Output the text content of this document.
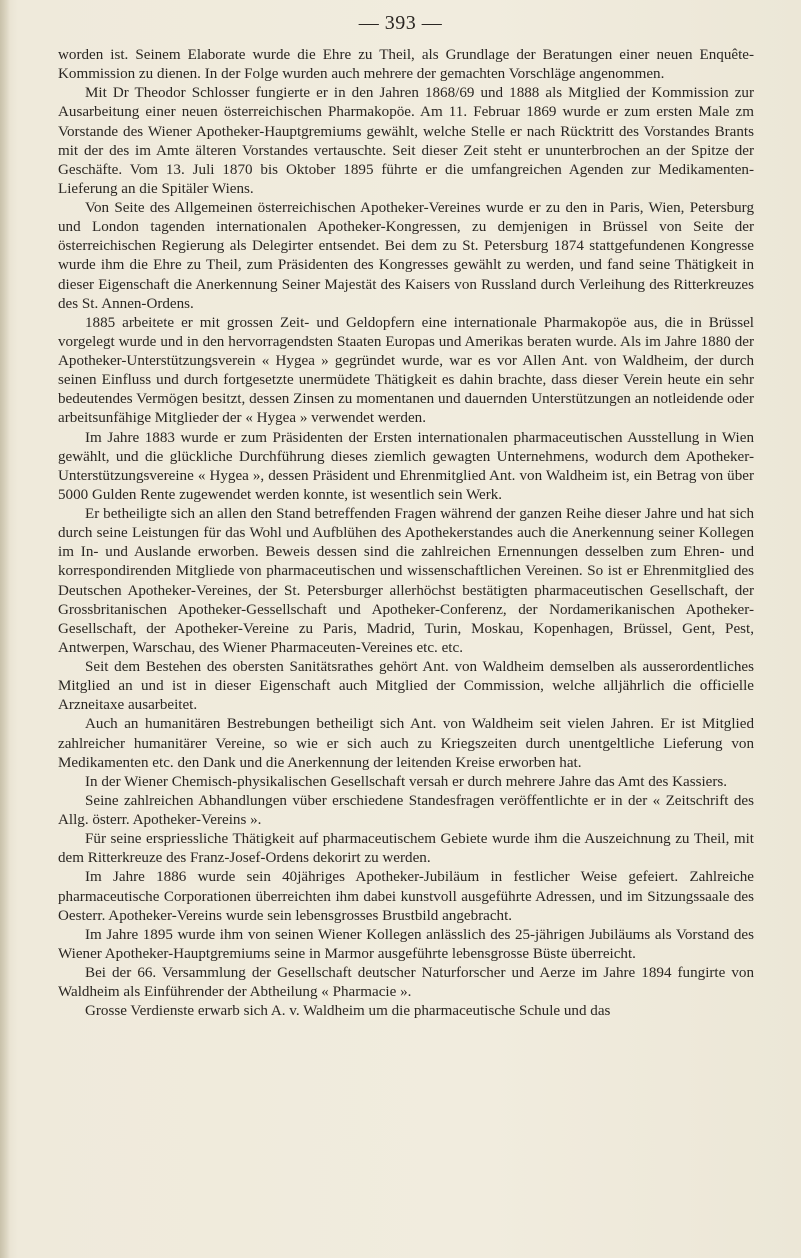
— 393 —

worden ist. Seinem Elaborate wurde die Ehre zu Theil, als Grundlage der Beratungen einer neuen Enquête-Kommission zu dienen. In der Folge wurden auch mehrere der gemachten Vorschläge angenommen.

Mit Dr Theodor Schlosser fungierte er in den Jahren 1868/69 und 1888 als Mitglied der Kommission zur Ausarbeitung einer neuen österreichischen Pharmakopöe. Am 11. Februar 1869 wurde er zum ersten Male zm Vorstande des Wiener Apotheker-Hauptgremiums gewählt, welche Stelle er nach Rücktritt des Vorstandes Brants mit der des im Amte älteren Vorstandes vertauschte. Seit dieser Zeit steht er ununterbrochen an der Spitze der Geschäfte. Vom 13. Juli 1870 bis Oktober 1895 führte er die umfangreichen Agenden zur Medikamenten-Lieferung an die Spitäler Wiens.

Von Seite des Allgemeinen österreichischen Apotheker-Vereines wurde er zu den in Paris, Wien, Petersburg und London tagenden internationalen Apotheker-Kongressen, zu demjenigen in Brüssel von Seite der österreichischen Regierung als Delegirter entsendet. Bei dem zu St. Petersburg 1874 stattgefundenen Kongresse wurde ihm die Ehre zu Theil, zum Präsidenten des Kongresses gewählt zu werden, und fand seine Thätigkeit in dieser Eigenschaft die Anerkennung Seiner Majestät des Kaisers von Russland durch Verleihung des Ritterkreuzes des St. Annen-Ordens.

1885 arbeitete er mit grossen Zeit- und Geldopfern eine internationale Pharmakopöe aus, die in Brüssel vorgelegt wurde und in den hervorragendsten Staaten Europas und Amerikas beraten wurde. Als im Jahre 1880 der Apotheker-Unterstützungsverein « Hygea » gegründet wurde, war es vor Allen Ant. von Waldheim, der durch seinen Einfluss und durch fortgesetzte unermüdete Thätigkeit es dahin brachte, dass dieser Verein heute ein sehr bedeutendes Vermögen besitzt, dessen Zinsen zu momentanen und dauernden Unterstützungen an notleidende oder arbeitsunfähige Mitglieder der « Hygea » verwendet werden.

Im Jahre 1883 wurde er zum Präsidenten der Ersten internationalen pharmaceutischen Ausstellung in Wien gewählt, und die glückliche Durchführung dieses ziemlich gewagten Unternehmens, wodurch dem Apotheker-Unterstützungsvereine « Hygea », dessen Präsident und Ehrenmitglied Ant. von Waldheim ist, ein Betrag von über 5000 Gulden Rente zugewendet werden konnte, ist wesentlich sein Werk.

Er betheiligte sich an allen den Stand betreffenden Fragen während der ganzen Reihe dieser Jahre und hat sich durch seine Leistungen für das Wohl und Aufblühen des Apothekerstandes auch die Anerkennung seiner Kollegen im In- und Auslande erworben. Beweis dessen sind die zahlreichen Ernennungen desselben zum Ehren- und korrespondirenden Mitgliede von pharmaceutischen und wissenschaftlichen Vereinen. So ist er Ehrenmitglied des Deutschen Apotheker-Vereines, der St. Petersburger allerhöchst bestätigten pharmaceutischen Gesellschaft, der Grossbritanischen Apotheker-Gessellschaft und Apotheker-Conferenz, der Nordamerikanischen Apotheker-Gesellschaft, der Apotheker-Vereine zu Paris, Madrid, Turin, Moskau, Kopenhagen, Brüssel, Gent, Pest, Antwerpen, Warschau, des Wiener Pharmaceuten-Vereines etc. etc.

Seit dem Bestehen des obersten Sanitätsrathes gehört Ant. von Waldheim demselben als ausserordentliches Mitglied an und ist in dieser Eigenschaft auch Mitglied der Commission, welche alljährlich die officielle Arzneitaxe ausarbeitet.

Auch an humanitären Bestrebungen betheiligt sich Ant. von Waldheim seit vielen Jahren. Er ist Mitglied zahlreicher humanitärer Vereine, so wie er sich auch zu Kriegszeiten durch unentgeltliche Lieferung von Medikamenten etc. den Dank und die Anerkennung der leitenden Kreise erworben hat.

In der Wiener Chemisch-physikalischen Gesellschaft versah er durch mehrere Jahre das Amt des Kassiers.

Seine zahlreichen Abhandlungen vüber erschiedene Standesfragen veröffentlichte er in der « Zeitschrift des Allg. österr. Apotheker-Vereins ».

Für seine erspriessliche Thätigkeit auf pharmaceutischem Gebiete wurde ihm die Auszeichnung zu Theil, mit dem Ritterkreuze des Franz-Josef-Ordens dekorirt zu werden.

Im Jahre 1886 wurde sein 40jähriges Apotheker-Jubiläum in festlicher Weise gefeiert. Zahlreiche pharmaceutische Corporationen überreichten ihm dabei kunstvoll ausgeführte Adressen, und im Sitzungssaale des Oesterr. Apotheker-Vereins wurde sein lebensgrosses Brustbild angebracht.

Im Jahre 1895 wurde ihm von seinen Wiener Kollegen anlässlich des 25-jährigen Jubiläums als Vorstand des Wiener Apotheker-Hauptgremiums seine in Marmor ausgeführte lebensgrosse Büste überreicht.

Bei der 66. Versammlung der Gesellschaft deutscher Naturforscher und Aerze im Jahre 1894 fungirte von Waldheim als Einführender der Abtheilung « Pharmacie ».

Grosse Verdienste erwarb sich A. v. Waldheim um die pharmaceutische Schule und das
